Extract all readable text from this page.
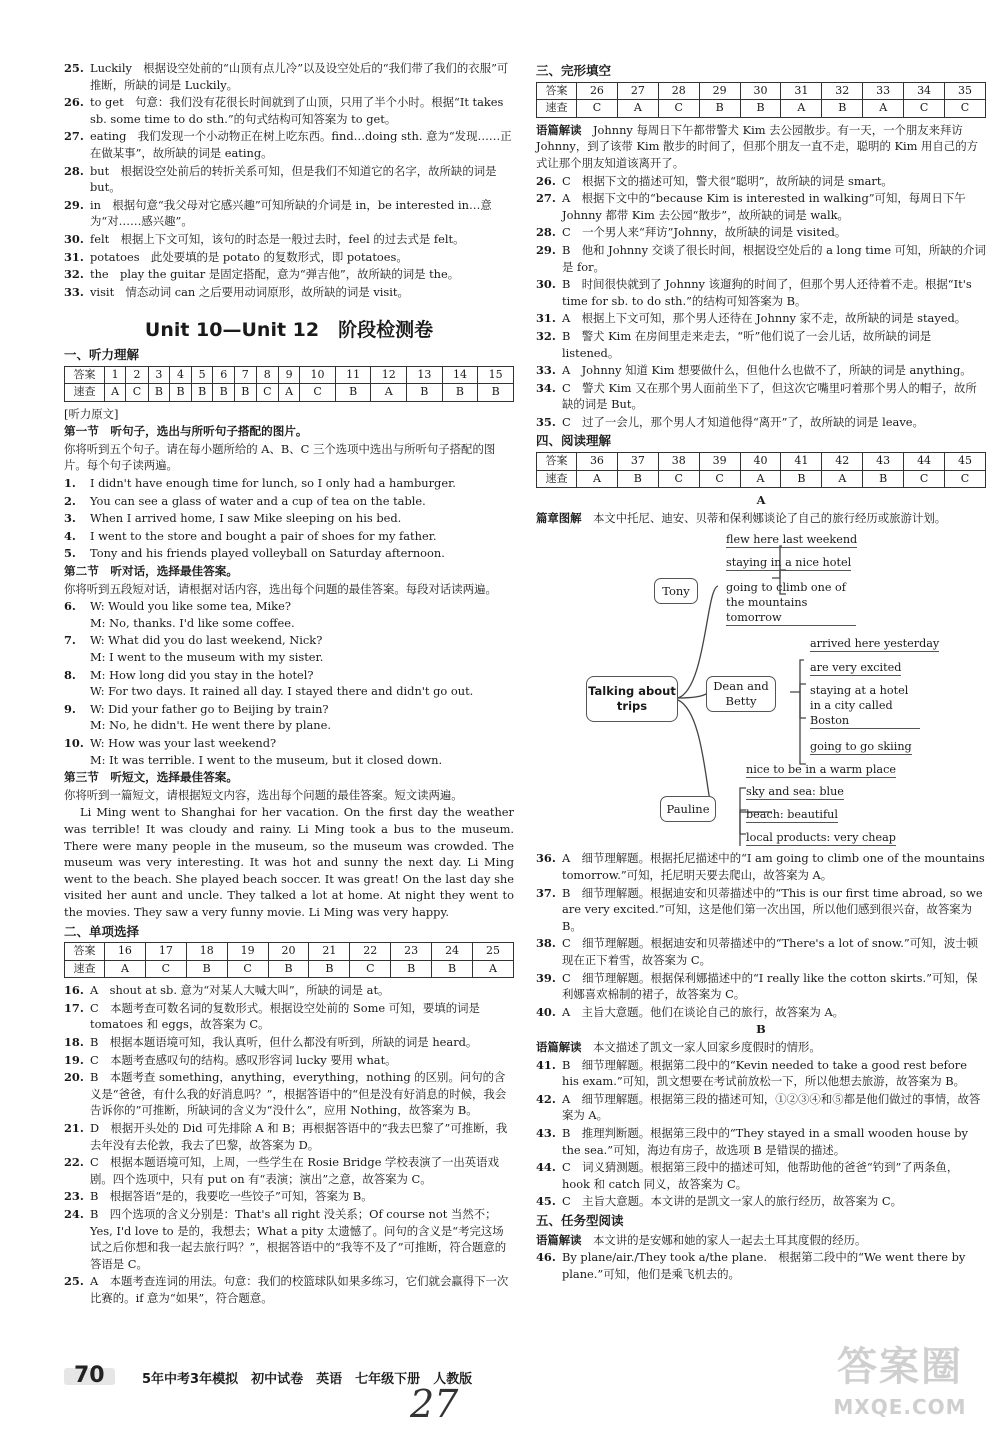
25. Luckily　根据设空处前的“山顶有点儿冷”以及设空处后的“我们带了我们的衣服”可推断，所缺的词是 Luckily。
26. to get　句意：我们没有花很长时间就到了山顶，只用了半个小时。根据“It takes sb. some time to do sth.”的句式结构可知答案为 to get。
27. eating　我们发现一个小动物正在树上吃东西。find…doing sth. 意为“发现……正在做某事”，故所缺的词是 eating。
28. but　根据设空处前后的转折关系可知，但是我们不知道它的名字，故所缺的词是 but。
29. in　根据句意“我父母对它感兴趣”可知所缺的介词是 in，be interested in…意为“对……感兴趣”。
30. felt　根据上下文可知，该句的时态是一般过去时，feel 的过去式是 felt。
31. potatoes　此处要填的是 potato 的复数形式，即 potatoes。
32. the　play the guitar 是固定搭配，意为“弹吉他”，故所缺的词是 the。
33. visit　情态动词 can 之后要用动词原形，故所缺的词是 visit。
Unit 10—Unit 12　阶段检测卷
一、听力理解
答案	1	2	3	4	5	6	7	8	9	10	11	12	13	14	15
速查	A	C	B	B	B	B	B	C	A	C	B	A	B	B	B
[听力原文]
第一节　听句子，选出与所听句子搭配的图片。
你将听到五个句子。请在每小题所给的 A、B、C 三个选项中选出与所听句子搭配的图片。每个句子读两遍。
1.	I didn't have enough time for lunch, so I only had a hamburger.
2.	You can see a glass of water and a cup of tea on the table.
3.	When I arrived home, I saw Mike sleeping on his bed.
4.	I went to the store and bought a pair of shoes for my father.
5.	Tony and his friends played volleyball on Saturday afternoon.
第二节　听对话，选择最佳答案。
你将听到五段短对话，请根据对话内容，选出每个问题的最佳答案。每段对话读两遍。
6.	W: Would you like some tea, Mike?
M: No, thanks. I'd like some coffee.
7.	W: What did you do last weekend, Nick?
M: I went to the museum with my sister.
8.	M: How long did you stay in the hotel?
W: For two days. It rained all day. I stayed there and didn't go out.
9.	W: Did your father go to Beijing by train?
M: No, he didn't. He went there by plane.
10. W: How was your last weekend?
M: It was terrible. I went to the museum, but it closed down.
第三节　听短文，选择最佳答案。
你将听到一篇短文，请根据短文内容，选出每个问题的最佳答案。短文读两遍。
Li Ming went to Shanghai for her vacation. On the first day the weather was terrible! It was cloudy and rainy. Li Ming took a bus to the museum. There were many people in the museum, so the museum was crowded. The museum was very interesting. It was hot and sunny the next day. Li Ming went to the beach. She played beach soccer. It was great! On the last day she visited her aunt and uncle. They talked a lot at home. At night they went to the movies. They saw a very funny movie. Li Ming was very happy.
二、单项选择
答案	16	17	18	19	20	21	22	23	24	25
速查	A	C	B	C	B	B	C	B	B	A
16. A　shout at sb. 意为“对某人大喊大叫”，所缺的词是 at。
17. C　本题考查可数名词的复数形式。根据设空处前的 Some 可知，要填的词是 tomatoes 和 eggs，故答案为 C。
18. B　根据本题语境可知，我认真听，但什么都没有听到，所缺的词是 heard。
19. C　本题考查感叹句的结构。感叹形容词 lucky 要用 what。
20. B　本题考查 something，anything，everything，nothing 的区别。问句的含义是“爸爸，有什么我的好消息吗？”，根据答语中的“但是没有好消息的时候，我会告诉你的”可推断，所缺词的含义为“没什么”，应用 Nothing，故答案为 B。
21. D　根据开头处的 Did 可先排除 A 和 B；再根据答语中的“我去巴黎了”可推断，我去年没有去伦敦，我去了巴黎，故答案为 D。
22. C　根据本题语境可知，上周，一些学生在 Rosie Bridge 学校表演了一出英语戏剧。四个选项中，只有 put on 有“表演；演出”之意，故答案为 C。
23. B　根据答语“是的，我要吃一些饺子”可知，答案为 B。
24. B　四个选项的含义分别是：That's all right 没关系；Of course not 当然不；Yes, I'd love to 是的，我想去；What a pity 太遗憾了。问句的含义是“考完这场试之后你想和我一起去旅行吗？”，根据答语中的“我等不及了”可推断，符合题意的答语是 C。
25. A　本题考查连词的用法。句意：我们的校篮球队如果多练习，它们就会赢得下一次比赛的。if 意为“如果”，符合题意。
三、完形填空
答案	26	27	28	29	30	31	32	33	34	35
速查	C	A	C	B	B	A	B	A	C	C
语篇解读　 Johnny 每周日下午都带警犬 Kim 去公园散步。有一天，一个朋友来拜访 Johnny，到了该带 Kim 散步的时间了，但那个朋友一直不走，聪明的 Kim 用自己的方式让那个朋友知道该离开了。
26. C　根据下文的描述可知，警犬很“聪明”，故所缺的词是 smart。
27. A　根据下文中的“because Kim is interested in walking”可知，每周日下午 Johnny 都带 Kim 去公园“散步”，故所缺的词是 walk。
28. C　一个男人来“拜访”Johnny，故所缺的词是 visited。
29. B　他和 Johnny 交谈了很长时间，根据设空处后的 a long time 可知，所缺的介词是 for。
30. B　时间很快就到了 Johnny 该遛狗的时间了，但那个男人还待着不走。根据“It's time for sb. to do sth.”的结构可知答案为 B。
31. A　根据上下文可知，那个男人还待在 Johnny 家不走，故所缺的词是 stayed。
32. B　警犬 Kim 在房间里走来走去，“听”他们说了一会儿话，故所缺的词是 listened。
33. A　Johnny 知道 Kim 想要做什么，但他什么也做不了，所缺的词是 anything。
34. C　警犬 Kim 又在那个男人面前坐下了，但这次它嘴里叼着那个男人的帽子，故所缺的词是 But。
35. C　过了一会儿，那个男人才知道他得“离开”了，故所缺的词是 leave。
四、阅读理解
答案	36	37	38	39	40	41	42	43	44	45
速查	A	B	C	C	A	B	A	B	C	C
A
篇章图解　 本文中托尼、迪安、贝蒂和保利娜谈论了自己的旅行经历或旅游计划。
Talking about trips
Tony
flew here last weekend
staying in a nice hotel
going to climb one of the mountains tomorrow
Dean and Betty
arrived here yesterday
are very excited
staying at a hotel in a city called Boston
going to go skiing
Pauline
nice to be in a warm place
sky and sea: blue
beach: beautiful
local products: very cheap
36. A　细节理解题。根据托尼描述中的“I am going to climb one of the mountains tomorrow.”可知，托尼明天要去爬山，故答案为 A。
37. B　细节理解题。根据迪安和贝蒂描述中的“This is our first time abroad, so we are very excited.”可知，这是他们第一次出国，所以他们感到很兴奋，故答案为 B。
38. C　细节理解题。根据迪安和贝蒂描述中的“There's a lot of snow.”可知，波士顿现在正下着雪，故答案为 C。
39. C　细节理解题。根据保利娜描述中的“I really like the cotton skirts.”可知，保利娜喜欢棉制的裙子，故答案为 C。
40. A　主旨大意题。他们在谈论自己的旅行，故答案为 A。
B
语篇解读　 本文描述了凯文一家人回家乡度假时的情形。
41. B　细节理解题。根据第二段中的“Kevin needed to take a good rest before his exam.”可知，凯文想要在考试前放松一下，所以他想去旅游，故答案为 B。
42. A　细节理解题。根据第三段的描述可知，①②③④和⑤都是他们做过的事情，故答案为 A。
43. B　推理判断题。根据第三段中的“They stayed in a small wooden house by the sea.”可知，海边有房子，故选项 B 是错误的描述。
44. C　词义猜测题。根据第三段中的描述可知，他帮助他的爸爸“钓到”了两条鱼，hook 和 catch 同义，故答案为 C。
45. C　主旨大意题。本文讲的是凯文一家人的旅行经历，故答案为 C。
五、任务型阅读
语篇解读　 本文讲的是安娜和她的家人一起去土耳其度假的经历。
46. By plane/air./They took a/the plane.　根据第二段中的“We went there by plane.”可知，他们是乘飞机去的。
70	5年中考3年模拟　初中试卷　英语　七年级下册　人教版
27
答案圈
MXQE.COM
